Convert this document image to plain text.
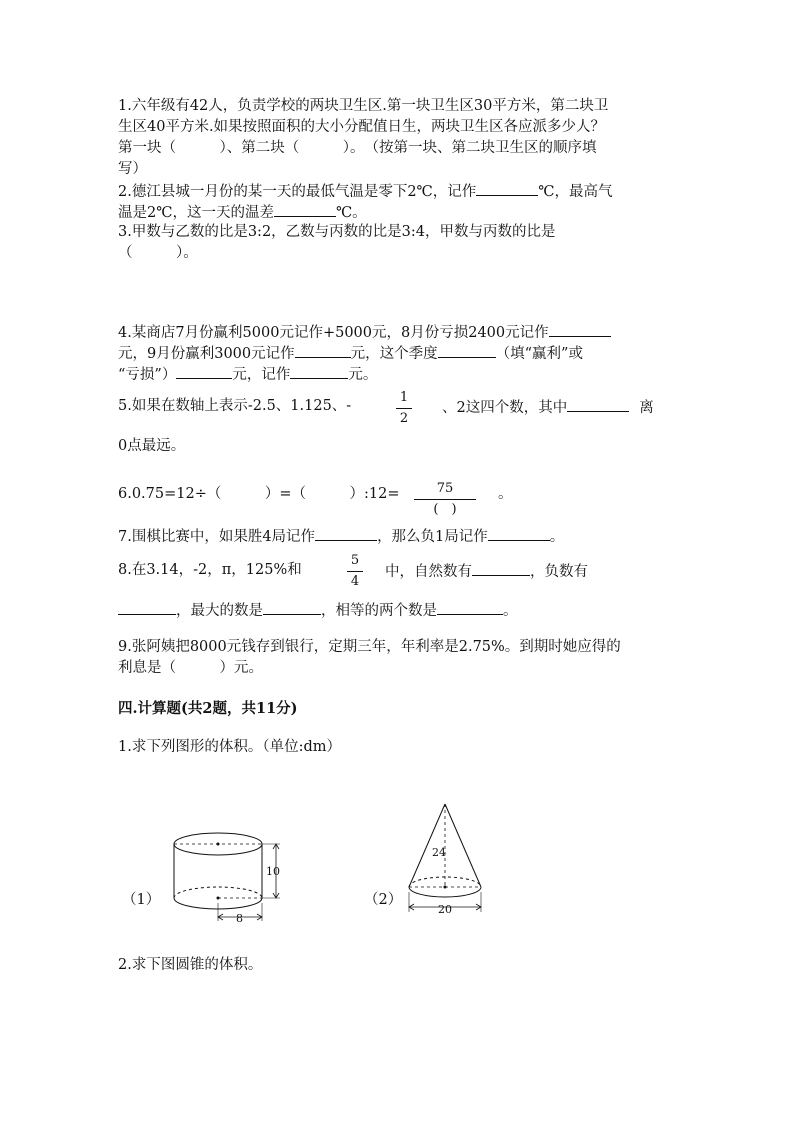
1.六年级有42人，负责学校的两块卫生区.第一块卫生区30平方米，第二块卫
生区40平方米.如果按照面积的大小分配值日生，两块卫生区各应派多少人？
第一块（　　　）、第二块（　　　）。　（按第一块、第二块卫生区的顺序填
写）
2.德江县城一月份的某一天的最低气温是零下2℃，记作	℃，最高气
温是2℃，这一天的温差	℃。
3.甲数与乙数的比是3:2，乙数与丙数的比是3:4，甲数与丙数的比是
（　　　）。
4.某商店7月份赢利5000元记作+5000元，8月份亏损2400元记作
元，9月份赢利3000元记作	元，这个季度	（填“赢利”或
“亏损”）	元，记作	元。
5.如果在数轴上表示-2.5、1.125、-
1
2
、2这四个数，其中	离
0点最远。
6.0.75=12÷（　　　）=（　　　）:12=	75
(　)
。
7.围棋比赛中，如果胜4局记作	，那么负1局记作	。
8.在3.14，-2，π，125%和
5
4
中，自然数有	，负数有
，最大的数是	，相等的两个数是	。
9.张阿姨把8000元钱存到银行，定期三年，年利率是2.75%。到期时她应得的
利息是（　　　）元。
四.计算题(共2题，共11分)
1.求下列图形的体积。（单位:dm）
（1）
10
8
（2）
24
20
2.求下图圆锥的体积。
